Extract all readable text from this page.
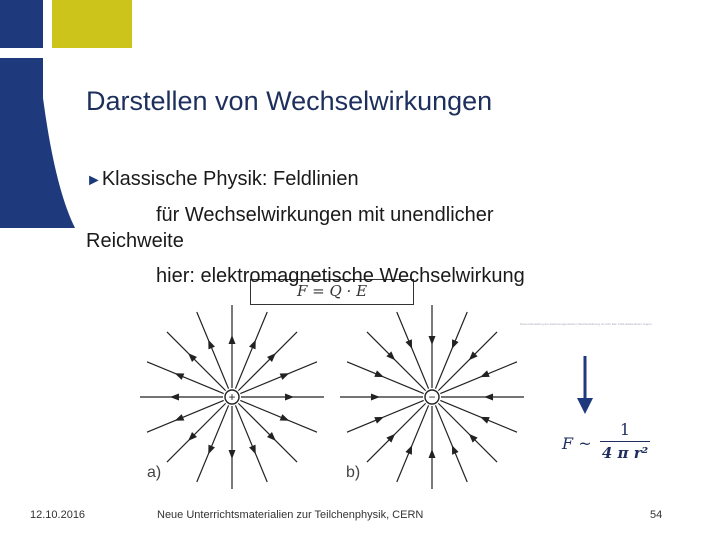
Darstellen von Wechselwirkungen
►Klassische Physik: Feldlinien
für Wechselwirkungen mit unendlicher
Reichweite
F = Q · E
hier: elektromagnetische Wechselwirkung
Diese Darstellung der elektromagnetischen Wechselwirkung ist nicht klar. Feld-stärkenlinien zeigen.
+	−
a)	b)
F ~
1
4 π r²
12.10.2016	Neue Unterrichtsmaterialien zur Teilchenphysik, CERN	54
